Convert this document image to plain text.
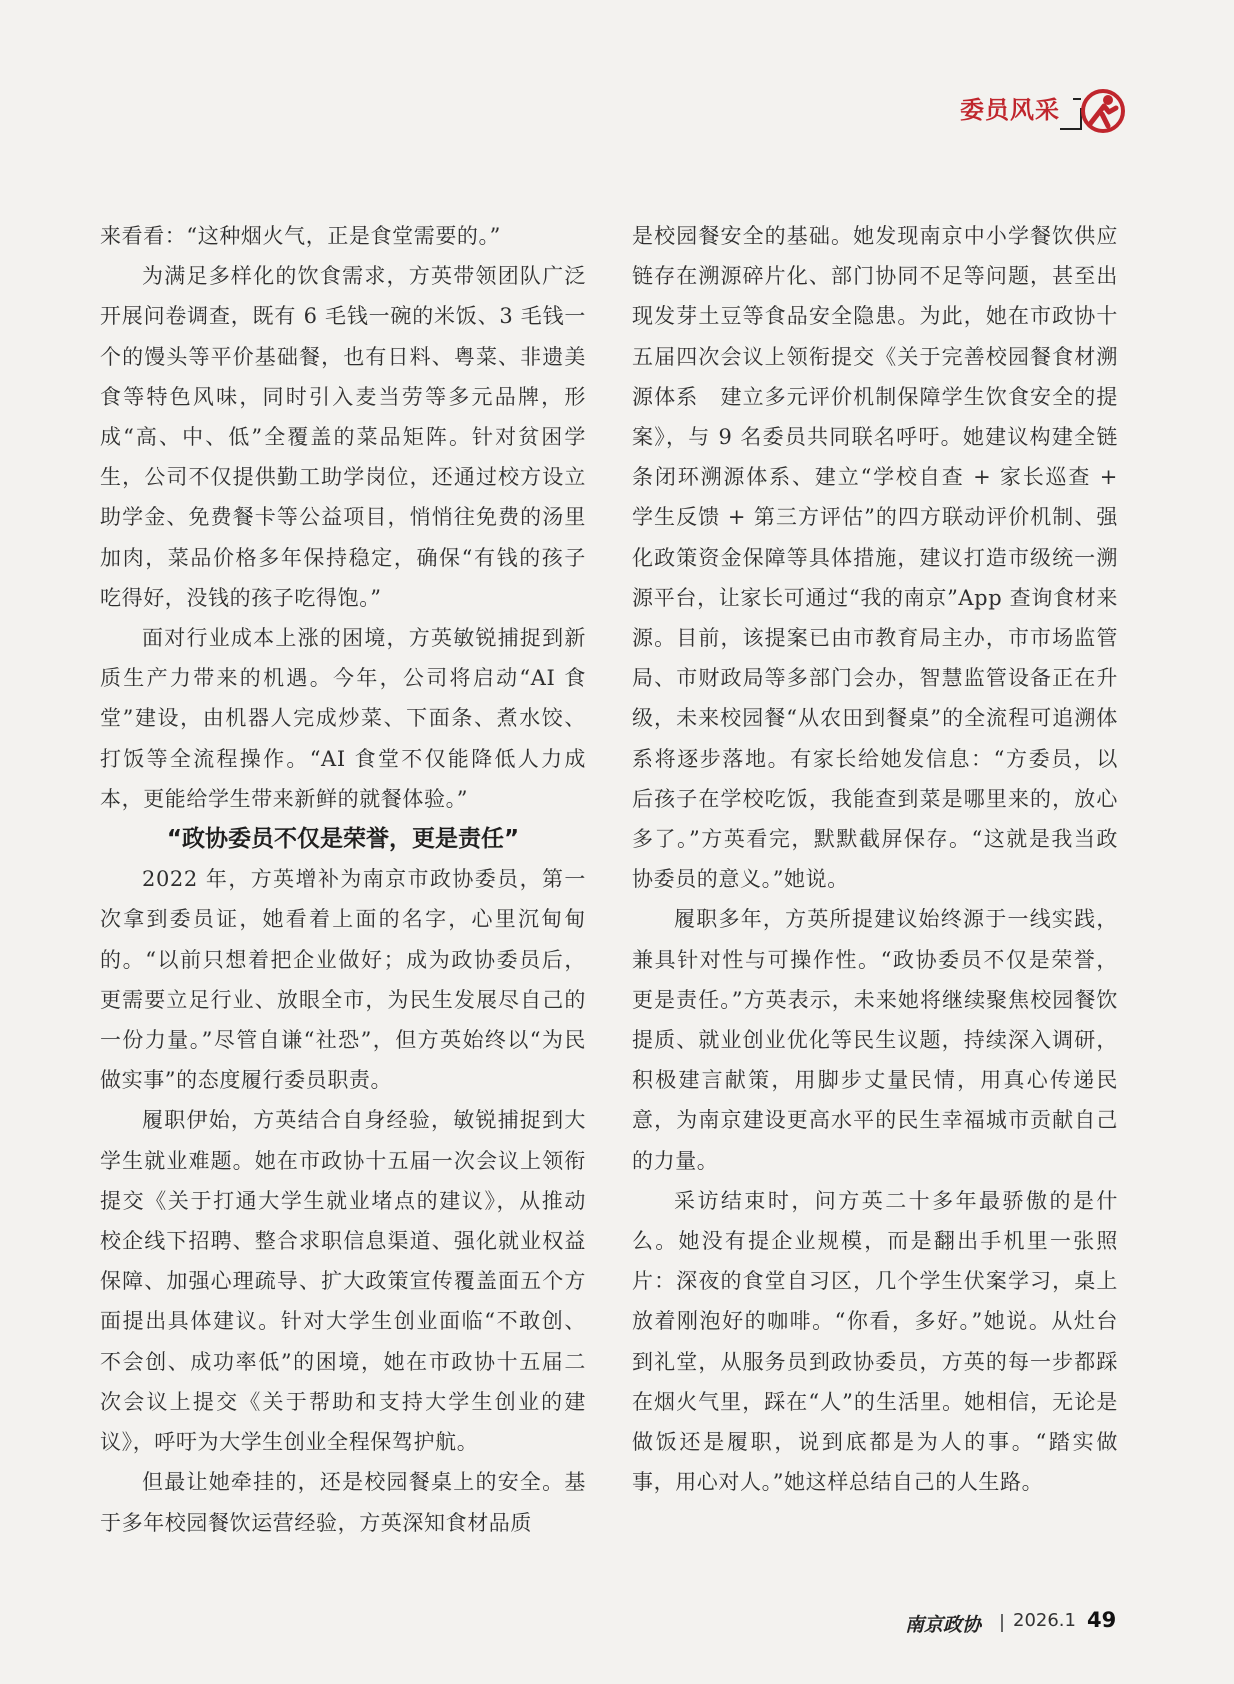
委员风采

来看看：“这种烟火气，正是食堂需要的。”

为满足多样化的饮食需求，方英带领团队广泛开展问卷调查，既有 6 毛钱一碗的米饭、3 毛钱一个的馒头等平价基础餐，也有日料、粤菜、非遗美食等特色风味，同时引入麦当劳等多元品牌，形成“高、中、低”全覆盖的菜品矩阵。针对贫困学生，公司不仅提供勤工助学岗位，还通过校方设立助学金、免费餐卡等公益项目，悄悄往免费的汤里加肉，菜品价格多年保持稳定，确保“有钱的孩子吃得好，没钱的孩子吃得饱。”

面对行业成本上涨的困境，方英敏锐捕捉到新质生产力带来的机遇。今年，公司将启动“AI 食堂”建设，由机器人完成炒菜、下面条、煮水饺、打饭等全流程操作。“AI 食堂不仅能降低人力成本，更能给学生带来新鲜的就餐体验。”

“政协委员不仅是荣誉，更是责任”

2022 年，方英增补为南京市政协委员，第一次拿到委员证，她看着上面的名字，心里沉甸甸的。“以前只想着把企业做好；成为政协委员后，更需要立足行业、放眼全市，为民生发展尽自己的一份力量。”尽管自谦“社恐”，但方英始终以“为民做实事”的态度履行委员职责。

履职伊始，方英结合自身经验，敏锐捕捉到大学生就业难题。她在市政协十五届一次会议上领衔提交《关于打通大学生就业堵点的建议》，从推动校企线下招聘、整合求职信息渠道、强化就业权益保障、加强心理疏导、扩大政策宣传覆盖面五个方面提出具体建议。针对大学生创业面临“不敢创、不会创、成功率低”的困境，她在市政协十五届二次会议上提交《关于帮助和支持大学生创业的建议》，呼吁为大学生创业全程保驾护航。

但最让她牵挂的，还是校园餐桌上的安全。基于多年校园餐饮运营经验，方英深知食材品质

是校园餐安全的基础。她发现南京中小学餐饮供应链存在溯源碎片化、部门协同不足等问题，甚至出现发芽土豆等食品安全隐患。为此，她在市政协十五届四次会议上领衔提交《关于完善校园餐食材溯源体系　建立多元评价机制保障学生饮食安全的提案》，与 9 名委员共同联名呼吁。她建议构建全链条闭环溯源体系、建立“学校自查 + 家长巡查 + 学生反馈 + 第三方评估”的四方联动评价机制、强化政策资金保障等具体措施，建议打造市级统一溯源平台，让家长可通过“我的南京”App 查询食材来源。目前，该提案已由市教育局主办，市市场监管局、市财政局等多部门会办，智慧监管设备正在升级，未来校园餐“从农田到餐桌”的全流程可追溯体系将逐步落地。有家长给她发信息：“方委员，以后孩子在学校吃饭，我能查到菜是哪里来的，放心多了。”方英看完，默默截屏保存。“这就是我当政协委员的意义。”她说。

履职多年，方英所提建议始终源于一线实践，兼具针对性与可操作性。“政协委员不仅是荣誉，更是责任。”方英表示，未来她将继续聚焦校园餐饮提质、就业创业优化等民生议题，持续深入调研，积极建言献策，用脚步丈量民情，用真心传递民意，为南京建设更高水平的民生幸福城市贡献自己的力量。

采访结束时，问方英二十多年最骄傲的是什么。她没有提企业规模，而是翻出手机里一张照片：深夜的食堂自习区，几个学生伏案学习，桌上放着刚泡好的咖啡。“你看，多好。”她说。从灶台到礼堂，从服务员到政协委员，方英的每一步都踩在烟火气里，踩在“人”的生活里。她相信，无论是做饭还是履职，说到底都是为人的事。“踏实做事，用心对人。”她这样总结自己的人生路。

南京政协 2026.1 49
